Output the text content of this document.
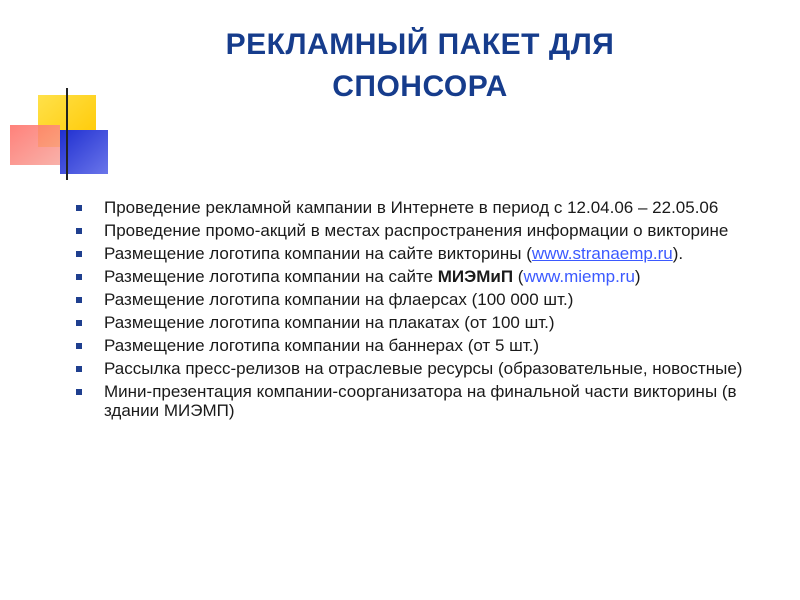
РЕКЛАМНЫЙ ПАКЕТ ДЛЯ
СПОНСОРА
Проведение рекламной кампании в Интернете в период с 12.04.06 – 22.05.06
Проведение промо-акций в местах распространения информации о викторине
Размещение логотипа компании на сайте викторины (www.stranaemp.ru).
Размещение логотипа компании на сайте МИЭМиП (www.miemp.ru)
Размещение логотипа компании на флаерсах (100 000 шт.)
Размещение логотипа компании на плакатах (от 100 шт.)
Размещение логотипа компании на баннерах (от 5 шт.)
Рассылка пресс-релизов на отраслевые ресурсы (образовательные, новостные)
Мини-презентация компании-соорганизатора на финальной части викторины (в здании МИЭМП)
